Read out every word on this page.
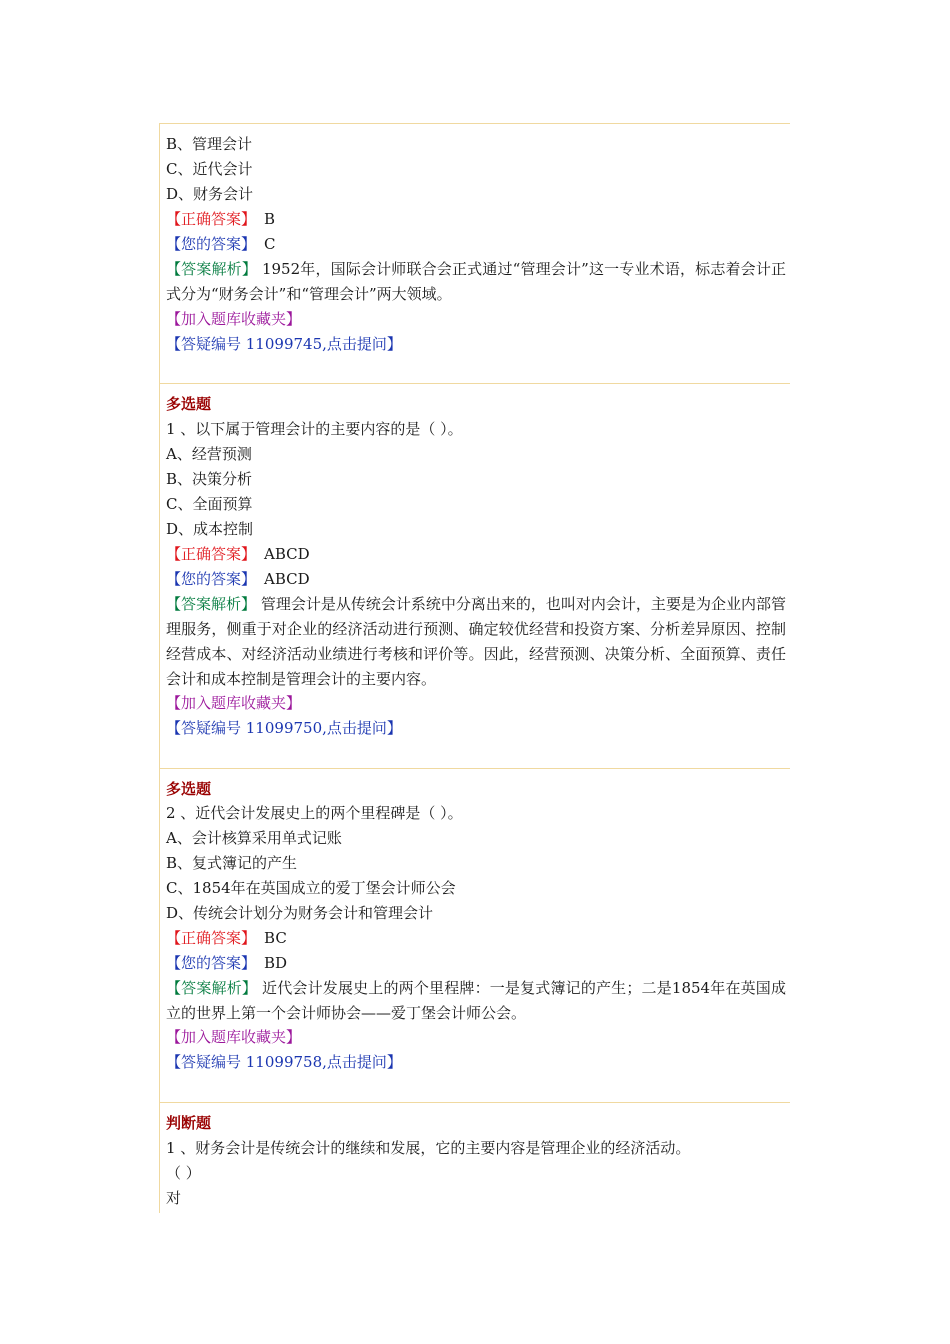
B、管理会计
C、近代会计
D、财务会计
【正确答案】 B
【您的答案】 C
【答案解析】 1952年，国际会计师联合会正式通过“管理会计”这一专业术语，标志着会计正式分为“财务会计”和“管理会计”两大领域。
【加入题库收藏夹】
【答疑编号 11099745,点击提问】
多选题
1 、以下属于管理会计的主要内容的是（ ）。
A、经营预测
B、决策分析
C、全面预算
D、成本控制
【正确答案】 ABCD
【您的答案】 ABCD
【答案解析】 管理会计是从传统会计系统中分离出来的，也叫对内会计，主要是为企业内部管理服务，侧重于对企业的经济活动进行预测、确定较优经营和投资方案、分析差异原因、控制经营成本、对经济活动业绩进行考核和评价等。因此，经营预测、决策分析、全面预算、责任会计和成本控制是管理会计的主要内容。
【加入题库收藏夹】
【答疑编号 11099750,点击提问】
多选题
2 、近代会计发展史上的两个里程碑是（ ）。
A、会计核算采用单式记账
B、复式簿记的产生
C、1854年在英国成立的爱丁堡会计师公会
D、传统会计划分为财务会计和管理会计
【正确答案】 BC
【您的答案】 BD
【答案解析】 近代会计发展史上的两个里程牌：一是复式簿记的产生；二是1854年在英国成立的世界上第一个会计师协会——爱丁堡会计师公会。
【加入题库收藏夹】
【答疑编号 11099758,点击提问】
判断题
1 、财务会计是传统会计的继续和发展，它的主要内容是管理企业的经济活动。
（ ）
对
